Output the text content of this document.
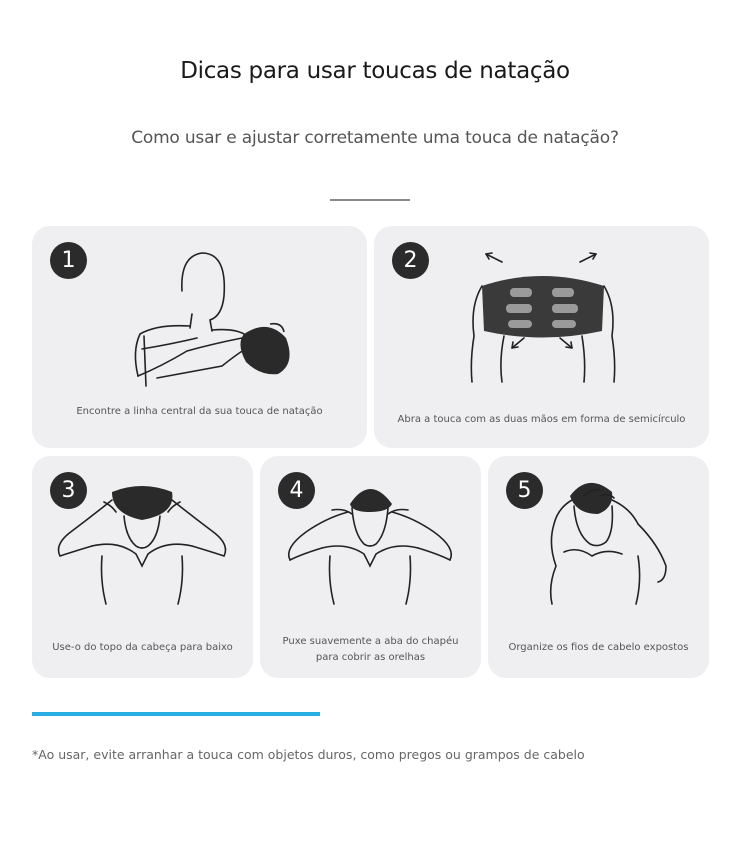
Dicas para usar toucas de natação
Como usar e ajustar corretamente uma touca de natação?
1
Encontre a linha central da sua touca de natação
2
Abra a touca com as duas mãos em forma de semicírculo
3
Use-o do topo da cabeça para baixo
4
Puxe suavemente a aba do chapéu para cobrir as orelhas
5
Organize os fios de cabelo expostos
*Ao usar, evite arranhar a touca com objetos duros, como pregos ou grampos de cabelo
